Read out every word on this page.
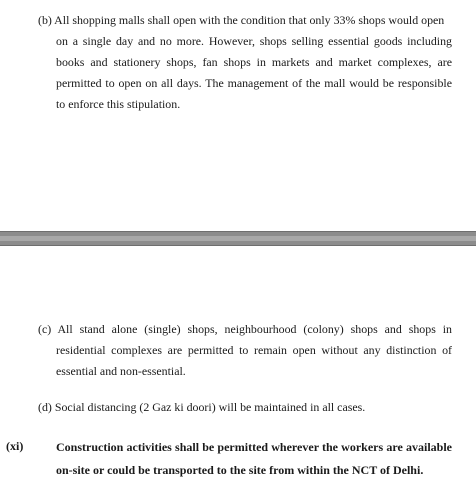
(b) All shopping malls shall open with the condition that only 33% shops would open

on a single day and no more. However, shops selling essential goods including books and stationery shops, fan shops in markets and market complexes, are permitted to open on all days. The management of the mall would be responsible to enforce this stipulation.

(c) All stand alone (single) shops, neighbourhood (colony) shops and shops in

residential complexes are permitted to remain open without any distinction of essential and non-essential.

(d) Social distancing (2 Gaz ki doori) will be maintained in all cases.

(xi)	Construction activities shall be permitted wherever the workers are available on-site or could be transported to the site from within the NCT of Delhi.
